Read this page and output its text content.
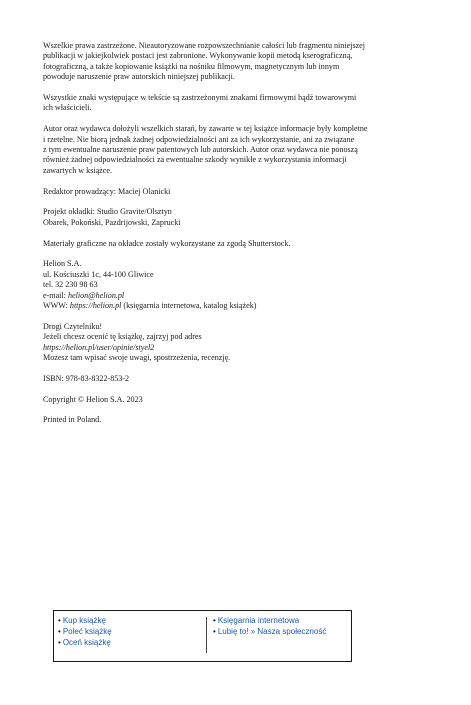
Wszelkie prawa zastrzeżone. Nieautoryzowane rozpowszechnianie całości lub fragmentu niniejszej
publikacji w jakiejkolwiek postaci jest zabronione. Wykonywanie kopii metodą kserograficzną,
fotograficzną, a także kopiowanie książki na nośniku filmowym, magnetycznym lub innym
powoduje naruszenie praw autorskich niniejszej publikacji.

Wszystkie znaki występujące w tekście są zastrzeżonymi znakami firmowymi bądź towarowymi
ich właścicieli.

Autor oraz wydawca dołożyli wszelkich starań, by zawarte w tej książce informacje były kompletne
i rzetelne. Nie biorą jednak żadnej odpowiedzialności ani za ich wykorzystanie, ani za związane
z tym ewentualne naruszenie praw patentowych lub autorskich. Autor oraz wydawca nie ponoszą
również żadnej odpowiedzialności za ewentualne szkody wynikłe z wykorzystania informacji
zawartych w książce.

Redaktor prowadzący: Maciej Olanicki

Projekt okładki: Studio Gravite/Olsztyn
Obarek, Pokoński, Pazdrijowski, Zaprucki

Materiały graficzne na okładce zostały wykorzystane za zgodą Shutterstock.

Helion S.A.
ul. Kościuszki 1c, 44-100 Gliwice
tel. 32 230 98 63
e-mail: helion@helion.pl
WWW: https://helion.pl (księgarnia internetowa, katalog książek)

Drogi Czytelniku!
Jeżeli chcesz ocenić tę książkę, zajrzyj pod adres
https://helion.pl/user/opinie/styel2
Możesz tam wpisać swoje uwagi, spostrzeżenia, recenzję.

ISBN: 978-83-8322-853-2

Copyright © Helion S.A. 2023

Printed in Poland.

• Kup książkę
• Poleć książkę
• Oceń książkę
• Księgarnia internetowa
• Lubię to! » Nasza społeczność
